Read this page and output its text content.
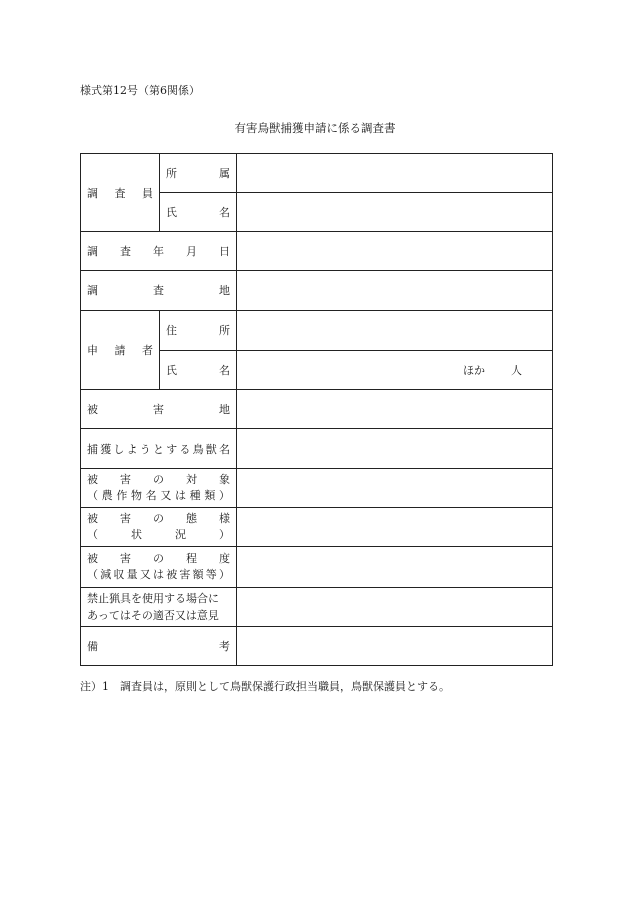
様式第12号（第6関係）
有害鳥獣捕獲申請に係る調査書
調査員	所属	

	氏名	

調査年月日		

調査地		

申請者	住所	

	氏名	ほか 人

被害地		

捕獲しようとする鳥獣名		

被害の対象
（農作物名又は種類）		

被害の態様
（状況）		

被害の程度
（減収量又は被害額等）		

禁止猟具を使用する場合に
あってはその適否又は意見		

備考		

注）1　調査員は，原則として鳥獣保護行政担当職員，鳥獣保護員とする。
